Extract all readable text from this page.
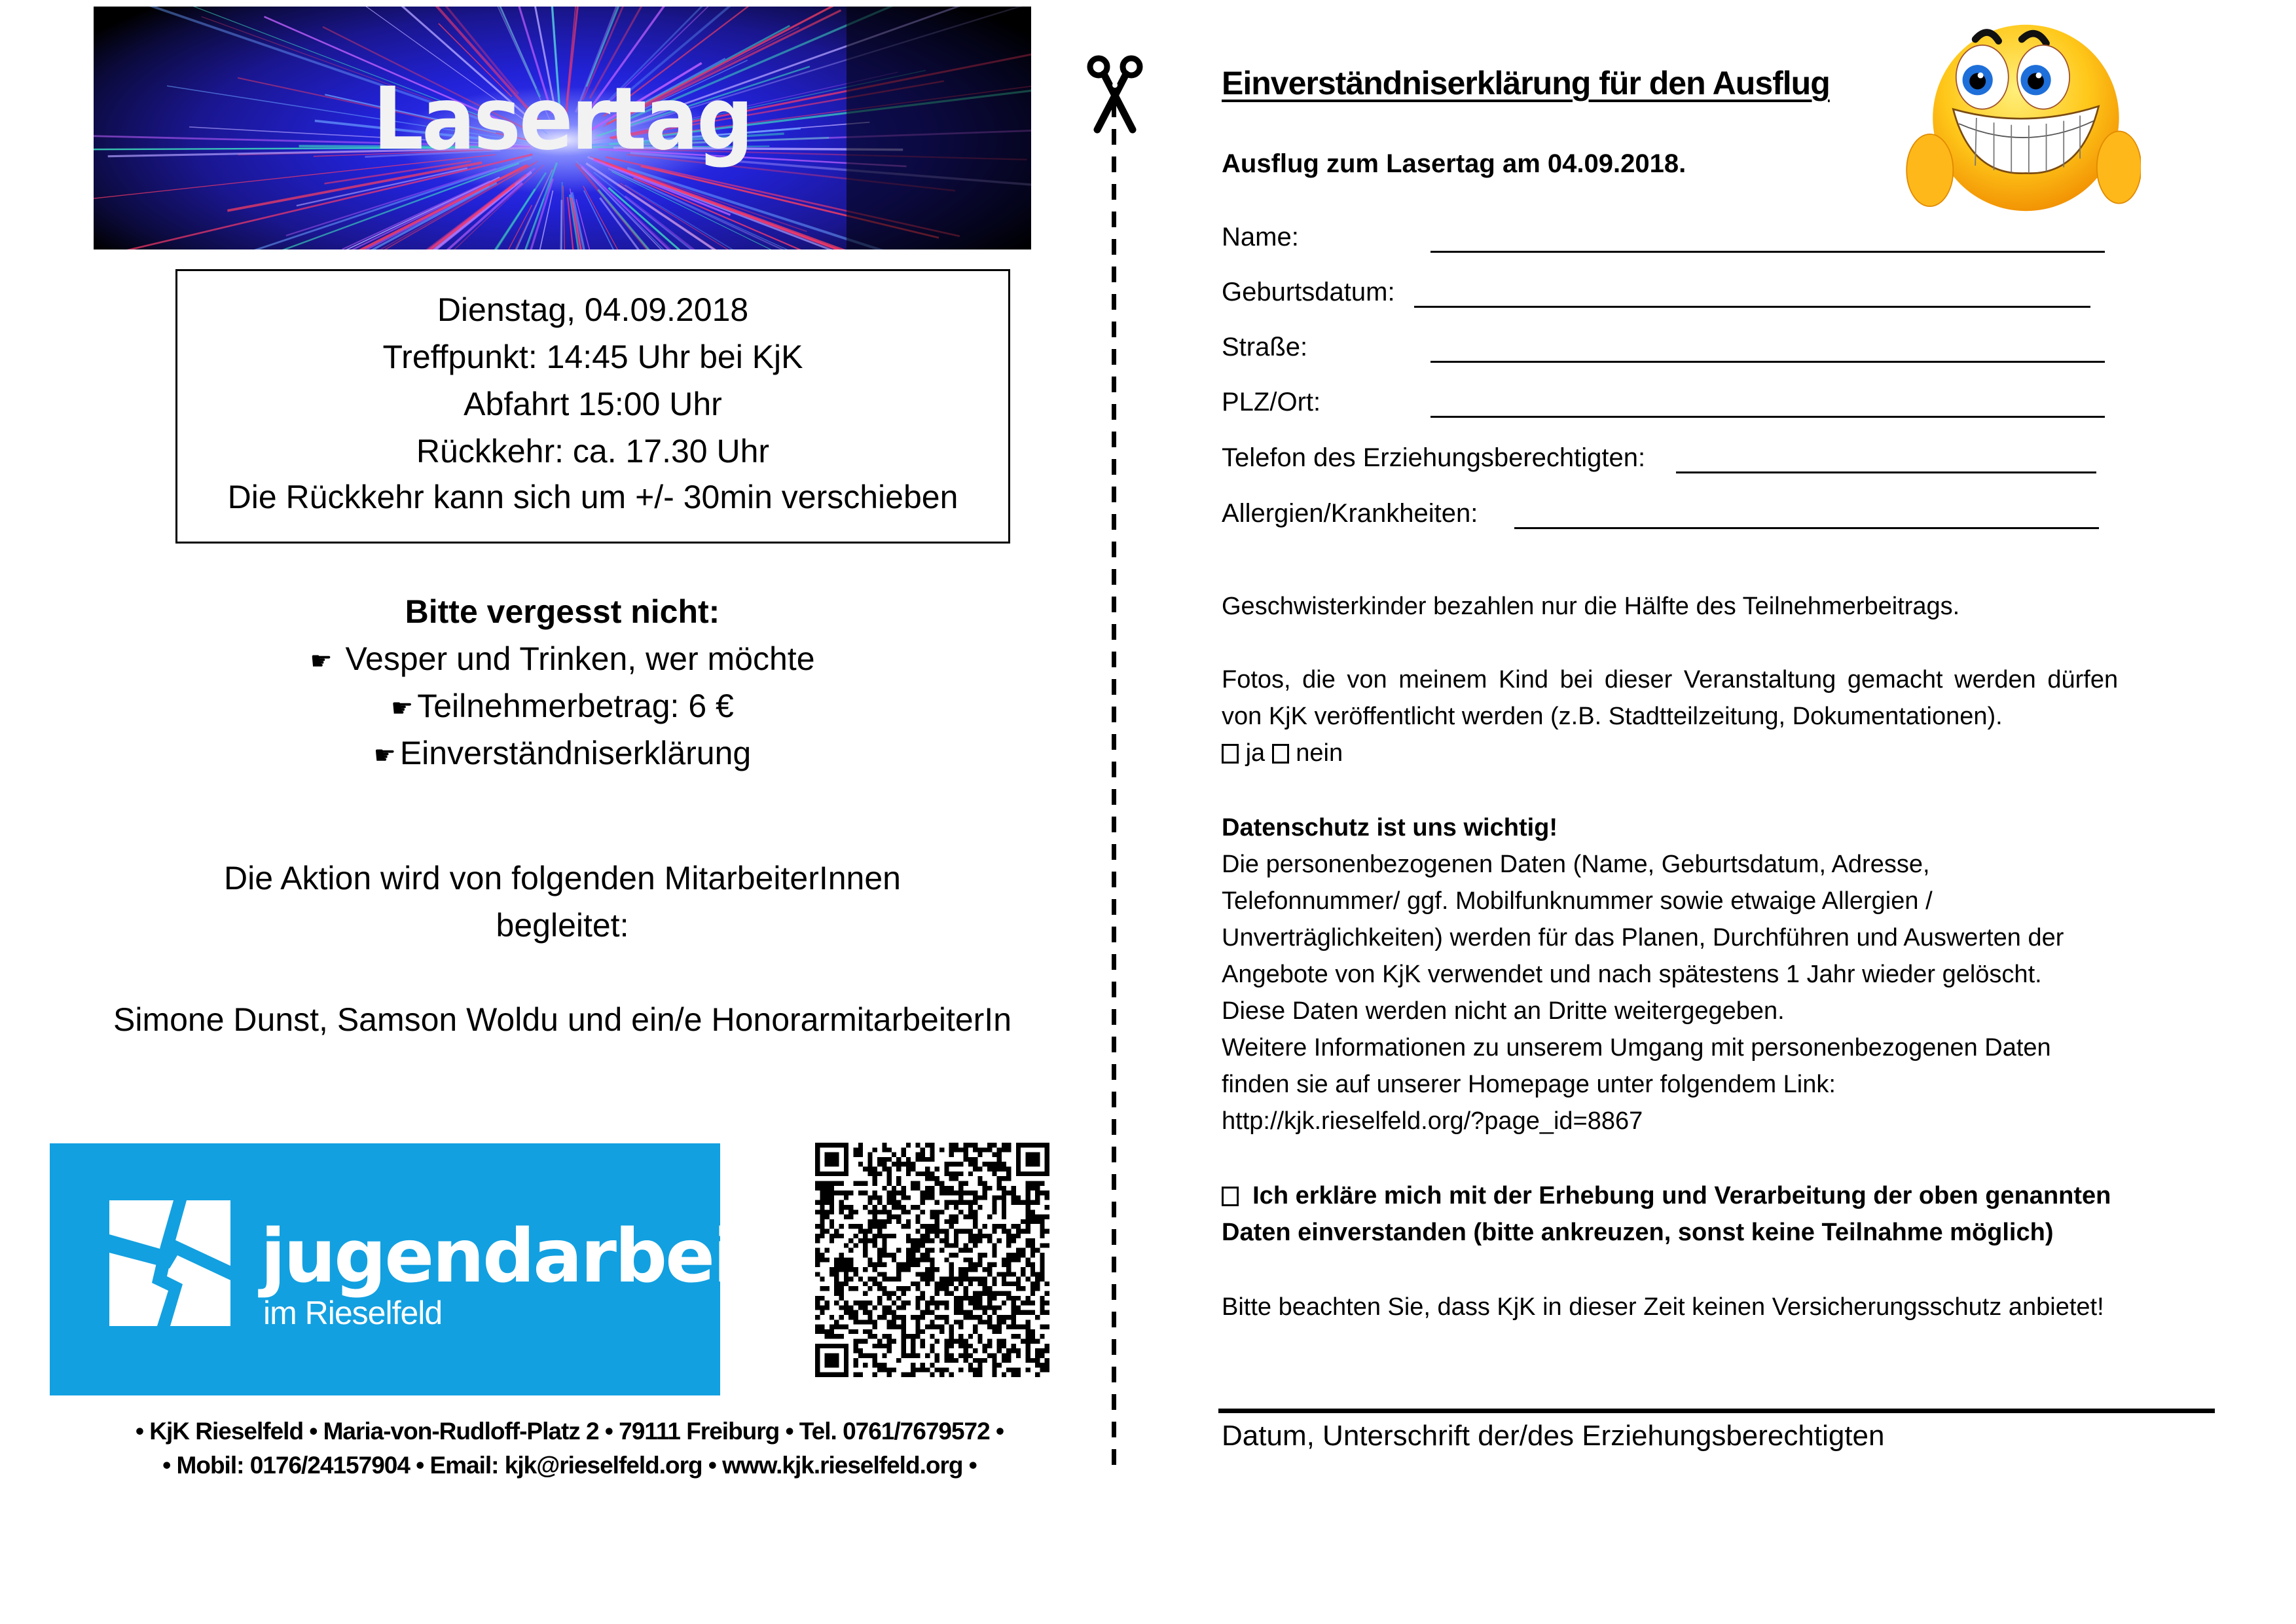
Lasertag
Dienstag, 04.09.2018
Treffpunkt: 14:45 Uhr bei KjK
Abfahrt 15:00 Uhr
Rückkehr: ca. 17.30 Uhr
Die Rückkehr kann sich um +/- 30min verschieben
Bitte vergesst nicht:
☛ Vesper und Trinken, wer möchte
☛ Teilnehmerbetrag: 6 €
☛ Einverständniserklärung
Die Aktion wird von folgenden MitarbeiterInnen
begleitet:
Simone Dunst, Samson Woldu und ein/e HonorarmitarbeiterIn
jugendarbeit
im Rieselfeld
• KjK Rieselfeld • Maria-von-Rudloff-Platz 2 • 79111 Freiburg • Tel. 0761/7679572 •
• Mobil: 0176/24157904 • Email: kjk@rieselfeld.org • www.kjk.rieselfeld.org •
Einverständniserklärung für den Ausflug
Ausflug zum Lasertag am 04.09.2018.
Name:
Geburtsdatum:
Straße:
PLZ/Ort:
Telefon des Erziehungsberechtigten:
Allergien/Krankheiten:
Geschwisterkinder bezahlen nur die Hälfte des Teilnehmerbeitrags.
Fotos, die von meinem Kind bei dieser Veranstaltung gemacht werden dürfen
von KjK veröffentlicht werden (z.B. Stadtteilzeitung, Dokumentationen).
ja nein
Datenschutz ist uns wichtig!
Die personenbezogenen Daten (Name, Geburtsdatum, Adresse,
Telefonnummer/ ggf. Mobilfunknummer sowie etwaige Allergien /
Unverträglichkeiten) werden für das Planen, Durchführen und Auswerten der
Angebote von KjK verwendet und nach spätestens 1 Jahr wieder gelöscht.
Diese Daten werden nicht an Dritte weitergegeben.
Weitere Informationen zu unserem Umgang mit personenbezogenen Daten
finden sie auf unserer Homepage unter folgendem Link:
http://kjk.rieselfeld.org/?page_id=8867
Ich erkläre mich mit der Erhebung und Verarbeitung der oben genannten
Daten einverstanden (bitte ankreuzen, sonst keine Teilnahme möglich)
Bitte beachten Sie, dass KjK in dieser Zeit keinen Versicherungsschutz anbietet!
Datum, Unterschrift der/des Erziehungsberechtigten
